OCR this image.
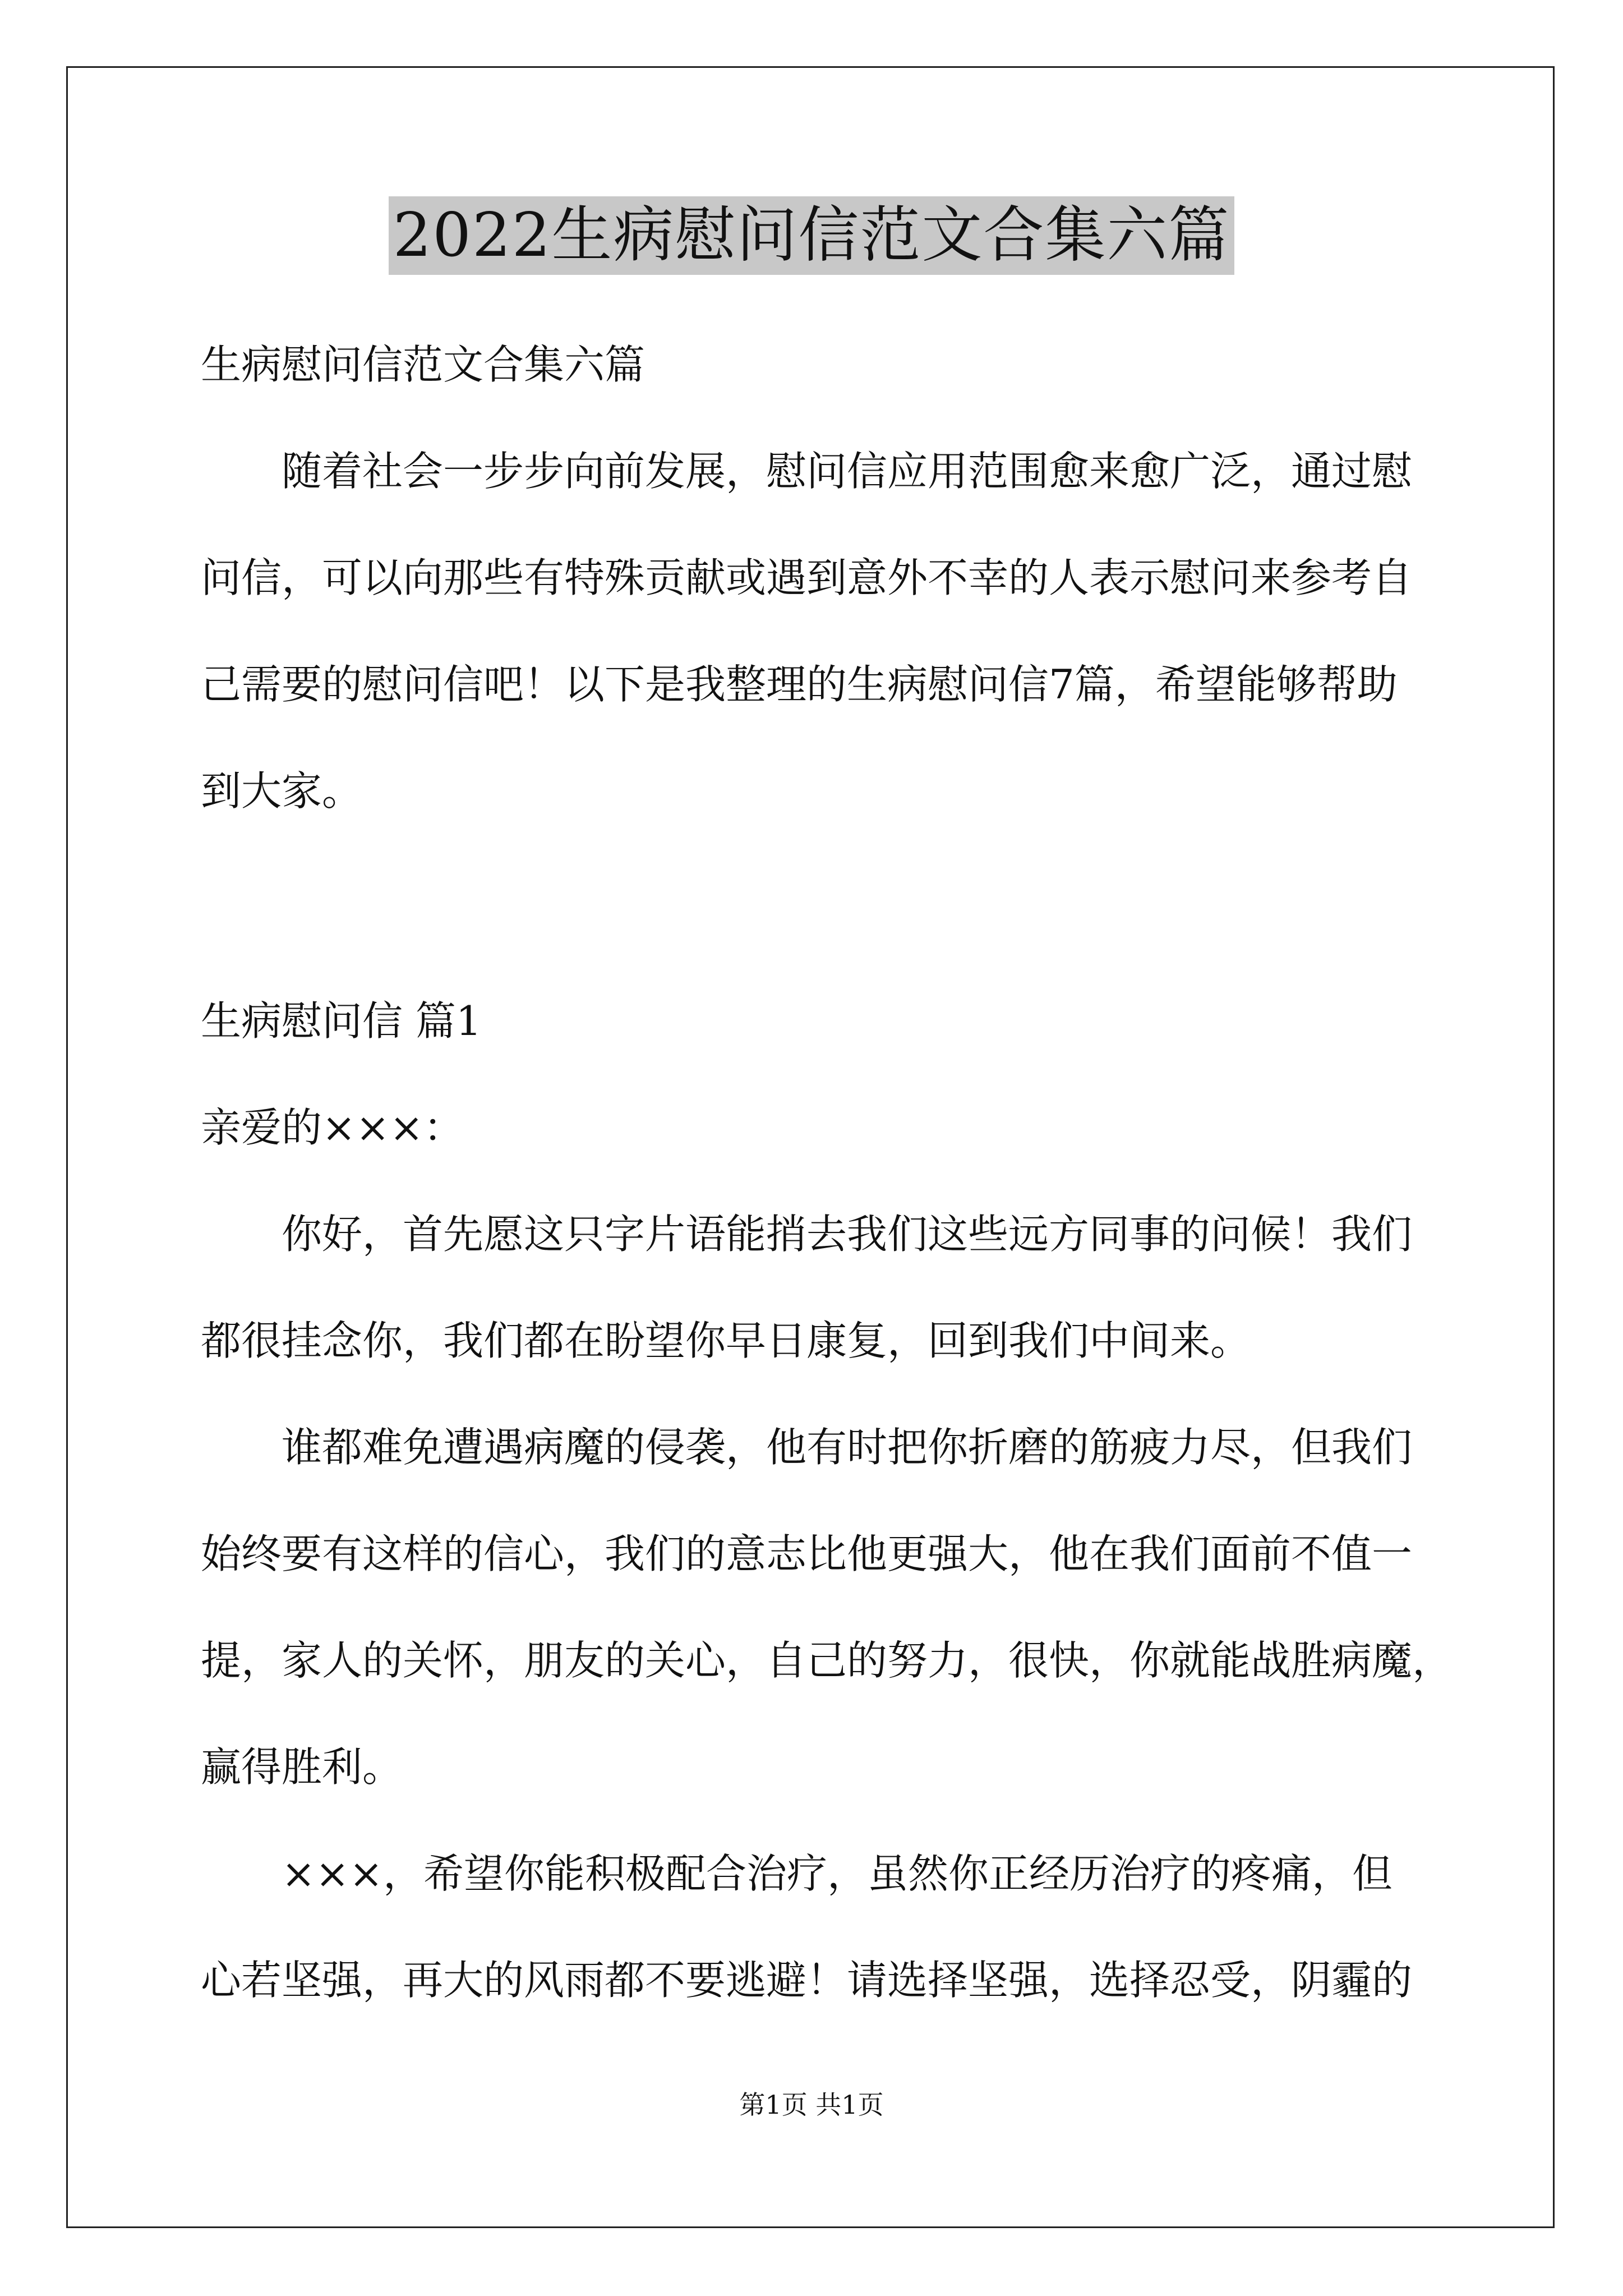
2022生病慰问信范文合集六篇
生病慰问信范文合集六篇
随着社会一步步向前发展，慰问信应用范围愈来愈广泛，通过慰
问信，可以向那些有特殊贡献或遇到意外不幸的人表示慰问来参考自
己需要的慰问信吧！以下是我整理的生病慰问信7篇，希望能够帮助
到大家。
生病慰问信 篇1
亲爱的×××：
你好，首先愿这只字片语能捎去我们这些远方同事的问候！我们
都很挂念你，我们都在盼望你早日康复，回到我们中间来。
谁都难免遭遇病魔的侵袭，他有时把你折磨的筋疲力尽，但我们
始终要有这样的信心，我们的意志比他更强大，他在我们面前不值一
提，家人的关怀，朋友的关心，自己的努力，很快，你就能战胜病魔，
赢得胜利。
×××，希望你能积极配合治疗，虽然你正经历治疗的疼痛，但
心若坚强，再大的风雨都不要逃避！请选择坚强，选择忍受，阴霾的
第1页 共1页
